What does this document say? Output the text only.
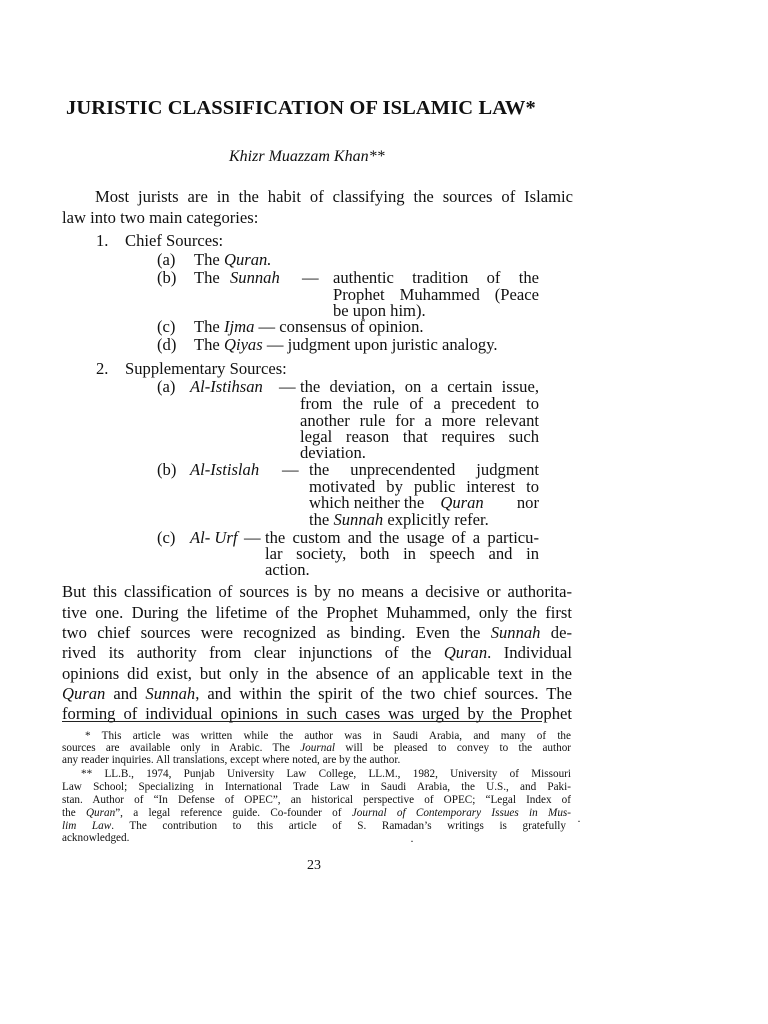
JURISTIC CLASSIFICATION OF ISLAMIC LAW*
Khizr Muazzam Khan**
Most jurists are in the habit of classifying the sources of Islamic
law into two main categories:
1. Chief Sources:
(a) The Quran.
(b) The Sunnah — authentic tradition of the
Prophet Muhammed (Peace
be upon him).
(c) The Ijma — consensus of opinion.
(d) The Qiyas — judgment upon juristic analogy.
2. Supplementary Sources:
(a) Al-Istihsan — the deviation, on a certain issue,
from the rule of a precedent to
another rule for a more relevant
legal reason that requires such
deviation.
(b) Al-Istislah — the unprecendented judgment
motivated by public interest to
which neither the Quran nor
the Sunnah explicitly refer.
(c) Al- Urf — the custom and the usage of a particu-
lar society, both in speech and in
action.
But this classification of sources is by no means a decisive or authorita-
tive one. During the lifetime of the Prophet Muhammed, only the first
two chief sources were recognized as binding. Even the Sunnah de-
rived its authority from clear injunctions of the Quran. Individual
opinions did exist, but only in the absence of an applicable text in the
Quran and Sunnah, and within the spirit of the two chief sources. The
forming of individual opinions in such cases was urged by the Prophet
* This article was written while the author was in Saudi Arabia, and many of the
sources are available only in Arabic. The Journal will be pleased to convey to the author
any reader inquiries. All translations, except where noted, are by the author.
** LL.B., 1974, Punjab University Law College, LL.M., 1982, University of Missouri
Law School; Specializing in International Trade Law in Saudi Arabia, the U.S., and Paki-
stan. Author of “In Defense of OPEC”, an historical perspective of OPEC; “Legal Index of
the Quran”, a legal reference guide. Co-founder of Journal of Contemporary Issues in Mus-
lim Law. The contribution to this article of S. Ramadan’s writings is gratefully
acknowledged.
·
·
23
